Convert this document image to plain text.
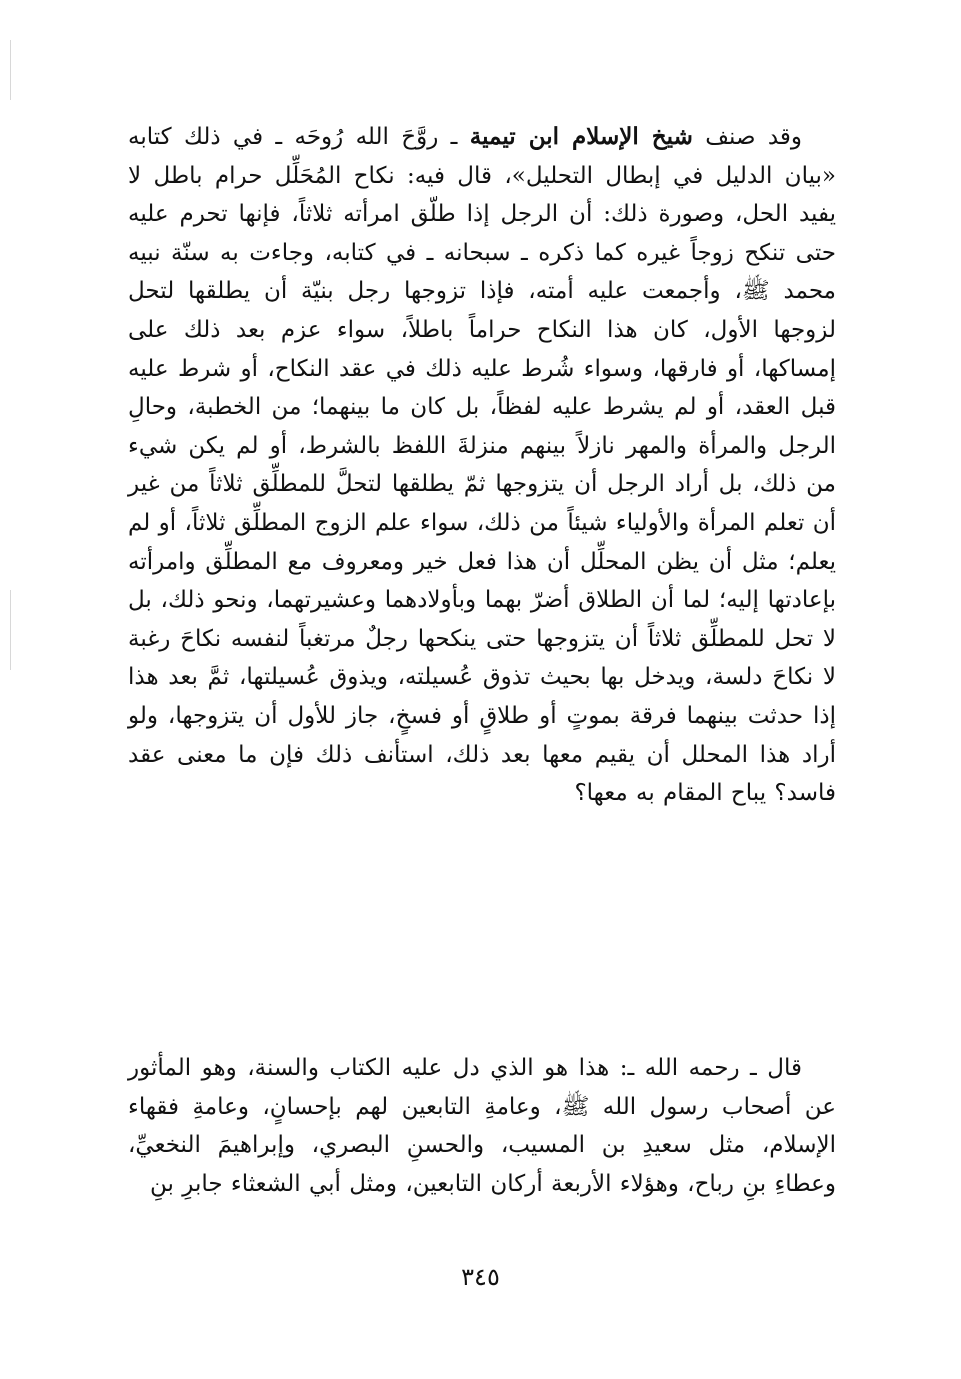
وقد صنف شيخ الإسلام ابن تيمية ـ روَّحَ الله رُوحَه ـ في ذلك كتابه «بيان الدليل في إبطال التحليل»، قال فيه: نكاح المُحَلِّل حرام باطل لا يفيد الحل، وصورة ذلك: أن الرجل إذا طلّق امرأته ثلاثاً، فإنها تحرم عليه حتى تنكح زوجاً غيره كما ذكره ـ سبحانه ـ في كتابه، وجاءت به سنّة نبيه محمد ﷺ، وأجمعت عليه أمته، فإذا تزوجها رجل بنيّة أن يطلقها لتحل لزوجها الأول، كان هذا النكاح حراماً باطلاً، سواء عزم بعد ذلك على إمساكها، أو فارقها، وسواء شُرط عليه ذلك في عقد النكاح، أو شرط عليه قبل العقد، أو لم يشرط عليه لفظاً، بل كان ما بينهما؛ من الخطبة، وحالِ الرجل والمرأة والمهر نازلاً بينهم منزلةَ اللفظ بالشرط، أو لم يكن شيء من ذلك، بل أراد الرجل أن يتزوجها ثمّ يطلقها لتحلَّ للمطلِّق ثلاثاً من غير أن تعلم المرأة والأولياء شيئاً من ذلك، سواء علم الزوج المطلِّق ثلاثاً، أو لم يعلم؛ مثل أن يظن المحلِّل أن هذا فعل خير ومعروف مع المطلِّق وامرأته بإعادتها إليه؛ لما أن الطلاق أضرّ بهما وبأولادهما وعشيرتهما، ونحو ذلك، بل لا تحل للمطلِّق ثلاثاً أن يتزوجها حتى ينكحها رجلٌ مرتغباً لنفسه نكاحَ رغبة لا نكاحَ دلسة، ويدخل بها بحيث تذوق عُسيلته، ويذوق عُسيلتها، ثمَّ بعد هذا إذا حدثت بينهما فرقة بموتٍ أو طلاقٍ أو فسخٍ، جاز للأول أن يتزوجها، ولو أراد هذا المحلل أن يقيم معها بعد ذلك، استأنف ذلك فإن ما معنى عقد فاسد؟ يباح المقام به معها؟

قال ـ رحمه الله ـ: هذا هو الذي دل عليه الكتاب والسنة، وهو المأثور عن أصحاب رسول الله ﷺ، وعامةِ التابعين لهم بإحسانٍ، وعامةِ فقهاء الإسلام، مثل سعيدِ بن المسيب، والحسنِ البصري، وإبراهيمَ النخعيِّ، وعطاءِ بنِ رباح، وهؤلاء الأربعة أركان التابعين، ومثل أبي الشعثاء جابرِ بنِ

٣٤٥
